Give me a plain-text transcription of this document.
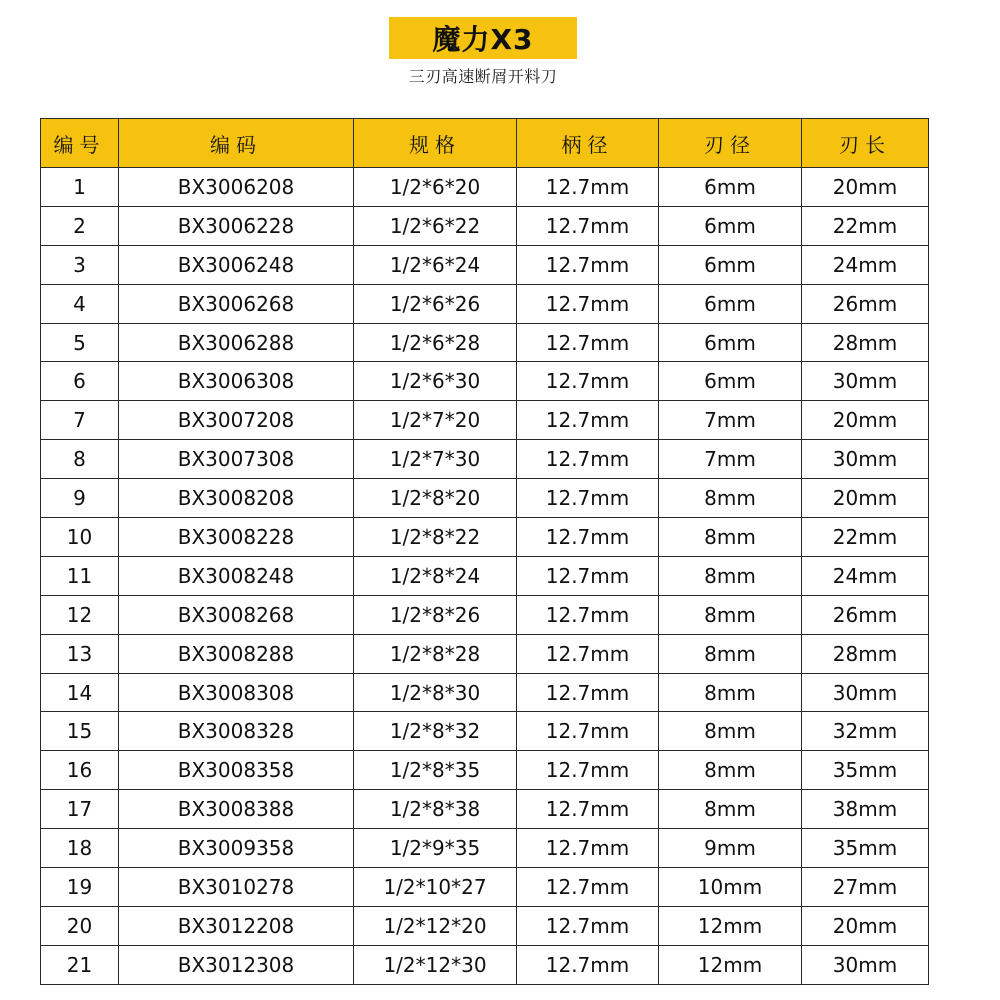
魔力X3
三刃高速断屑开料刀
编号	编码	规格	柄径	刃径	刃长
1	BX3006208	1/2*6*20	12.7mm	6mm	20mm
2	BX3006228	1/2*6*22	12.7mm	6mm	22mm
3	BX3006248	1/2*6*24	12.7mm	6mm	24mm
4	BX3006268	1/2*6*26	12.7mm	6mm	26mm
5	BX3006288	1/2*6*28	12.7mm	6mm	28mm
6	BX3006308	1/2*6*30	12.7mm	6mm	30mm
7	BX3007208	1/2*7*20	12.7mm	7mm	20mm
8	BX3007308	1/2*7*30	12.7mm	7mm	30mm
9	BX3008208	1/2*8*20	12.7mm	8mm	20mm
10	BX3008228	1/2*8*22	12.7mm	8mm	22mm
11	BX3008248	1/2*8*24	12.7mm	8mm	24mm
12	BX3008268	1/2*8*26	12.7mm	8mm	26mm
13	BX3008288	1/2*8*28	12.7mm	8mm	28mm
14	BX3008308	1/2*8*30	12.7mm	8mm	30mm
15	BX3008328	1/2*8*32	12.7mm	8mm	32mm
16	BX3008358	1/2*8*35	12.7mm	8mm	35mm
17	BX3008388	1/2*8*38	12.7mm	8mm	38mm
18	BX3009358	1/2*9*35	12.7mm	9mm	35mm
19	BX3010278	1/2*10*27	12.7mm	10mm	27mm
20	BX3012208	1/2*12*20	12.7mm	12mm	20mm
21	BX3012308	1/2*12*30	12.7mm	12mm	30mm
